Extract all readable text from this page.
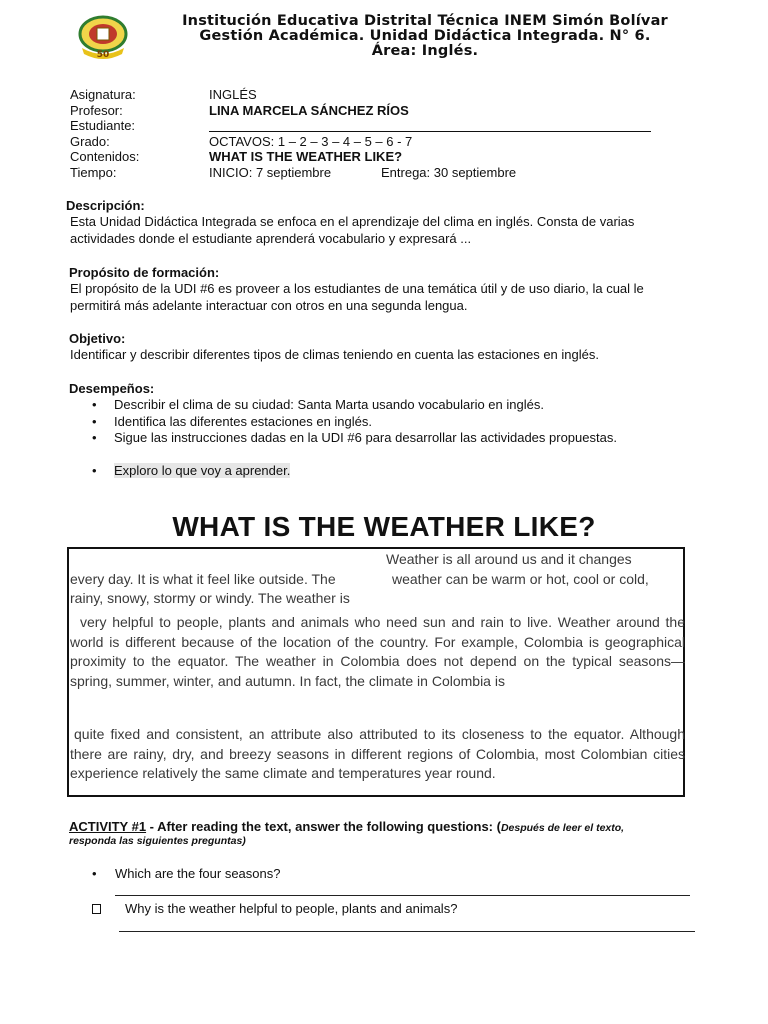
50
Institución Educativa Distrital Técnica INEM Simón Bolívar
Gestión Académica. Unidad Didáctica Integrada. N° 6.
Área: Inglés.
Asignatura:	INGLÉS
Profesor:	LINA MARCELA SÁNCHEZ RÍOS
Estudiante:
Grado:	OCTAVOS: 1 – 2 – 3 – 4 – 5 – 6 - 7
Contenidos:	WHAT IS THE WEATHER LIKE?
Tiempo:	INICIO: 7 septiembre	Entrega: 30 septiembre
Descripción:
Esta Unidad Didáctica Integrada se enfoca en el aprendizaje del clima en inglés. Consta de varias
actividades donde el estudiante aprenderá vocabulario y expresará ...
Propósito de formación:
El propósito de la UDI #6 es proveer a los estudiantes de una temática útil y de uso diario, la cual le
permitirá más adelante interactuar con otros en una segunda lengua.
Objetivo:
Identificar y describir diferentes tipos de climas teniendo en cuenta las estaciones en inglés.
Desempeños:
• Describir el clima de su ciudad: Santa Marta usando vocabulario en inglés.
• Identifica las diferentes estaciones en inglés.
• Sigue las instrucciones dadas en la UDI #6 para desarrollar las actividades propuestas.
• Exploro lo que voy a aprender.
WHAT IS THE WEATHER LIKE?
Weather is all around us and it changes
every day. It is what it feel like outside. The	weather can be warm or hot, cool or cold,
rainy, snowy, stormy or windy. The weather is
very helpful to people, plants and animals who need sun and rain to live. Weather around the world is different because of the location of the country. For example, Colombia is geographical proximity to the equator. The weather in Colombia does not depend on the typical seasons—spring, summer, winter, and autumn. In fact, the climate in Colombia is
quite fixed and consistent, an attribute also attributed to its closeness to the equator. Although there are rainy, dry, and breezy seasons in different regions of Colombia, most Colombian cities experience relatively the same climate and temperatures year round.
ACTIVITY #1 - After reading the text, answer the following questions: (Después de leer el texto,
responda las siguientes preguntas)
• Which are the four seasons?
Why is the weather helpful to people, plants and animals?
